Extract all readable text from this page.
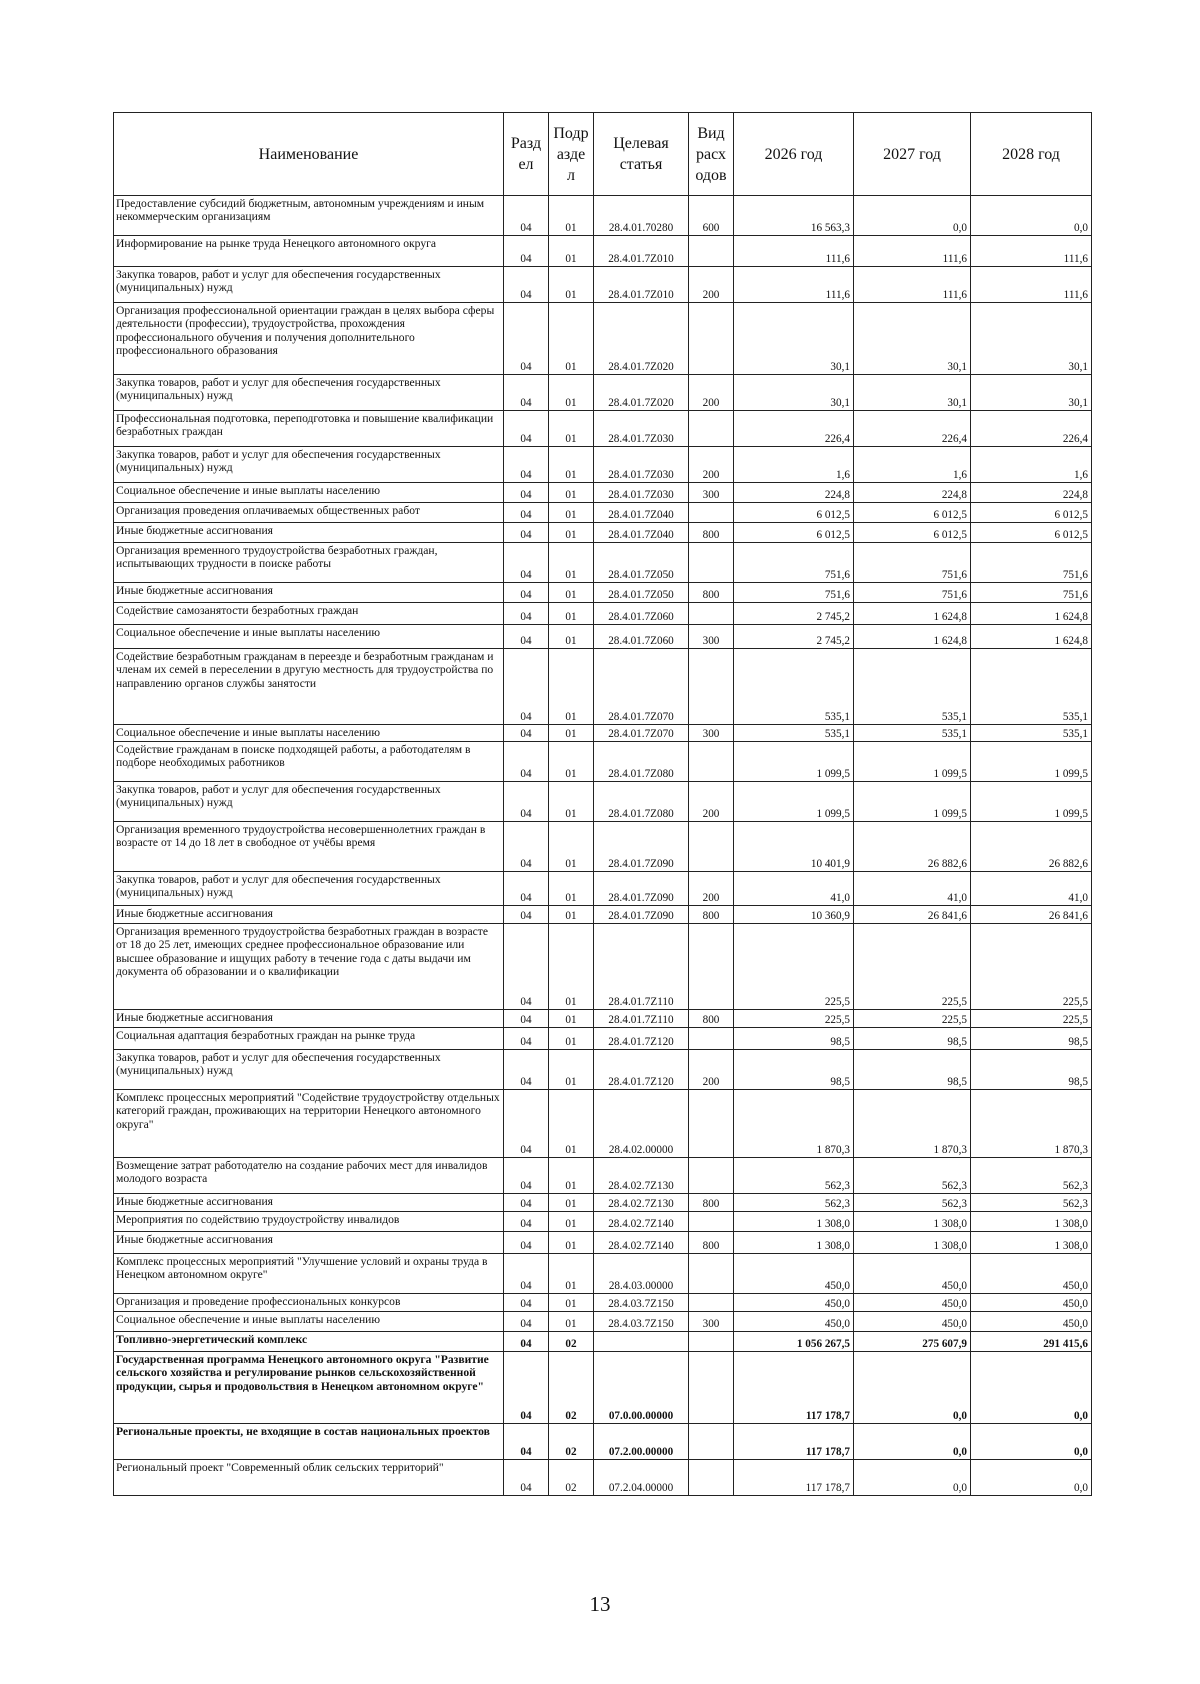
Наименование	Разд ел	Подр азде л	Целевая статья	Вид расх одов	2026 год	2027 год	2028 год
Предоставление субсидий бюджетным, автономным учреждениям и иным некоммерческим организациям	04	01	28.4.01.70280	600	16 563,3	0,0	0,0
Информирование на рынке труда Ненецкого автономного округа	04	01	28.4.01.7Z010		111,6	111,6	111,6
Закупка товаров, работ и услуг для обеспечения государственных (муниципальных) нужд	04	01	28.4.01.7Z010	200	111,6	111,6	111,6
Организация профессиональной ориентации граждан в целях выбора сферы деятельности (профессии), трудоустройства, прохождения профессионального обучения и получения дополнительного профессионального образования	04	01	28.4.01.7Z020		30,1	30,1	30,1
Закупка товаров, работ и услуг для обеспечения государственных (муниципальных) нужд	04	01	28.4.01.7Z020	200	30,1	30,1	30,1
Профессиональная подготовка, переподготовка и повышение квалификации безработных граждан	04	01	28.4.01.7Z030		226,4	226,4	226,4
Закупка товаров, работ и услуг для обеспечения государственных (муниципальных) нужд	04	01	28.4.01.7Z030	200	1,6	1,6	1,6
Социальное обеспечение и иные выплаты населению	04	01	28.4.01.7Z030	300	224,8	224,8	224,8
Организация проведения оплачиваемых общественных работ	04	01	28.4.01.7Z040		6 012,5	6 012,5	6 012,5
Иные бюджетные ассигнования	04	01	28.4.01.7Z040	800	6 012,5	6 012,5	6 012,5
Организация временного трудоустройства безработных граждан, испытывающих трудности в поиске работы	04	01	28.4.01.7Z050		751,6	751,6	751,6
Иные бюджетные ассигнования	04	01	28.4.01.7Z050	800	751,6	751,6	751,6
Содействие самозанятости безработных граждан	04	01	28.4.01.7Z060		2 745,2	1 624,8	1 624,8
Социальное обеспечение и иные выплаты населению	04	01	28.4.01.7Z060	300	2 745,2	1 624,8	1 624,8
Содействие безработным гражданам в переезде и безработным гражданам и членам их семей в переселении в другую местность для трудоустройства по направлению органов службы занятости	04	01	28.4.01.7Z070		535,1	535,1	535,1
Социальное обеспечение и иные выплаты населению	04	01	28.4.01.7Z070	300	535,1	535,1	535,1
Содействие гражданам в поиске подходящей работы, а работодателям в подборе необходимых работников	04	01	28.4.01.7Z080		1 099,5	1 099,5	1 099,5
Закупка товаров, работ и услуг для обеспечения государственных (муниципальных) нужд	04	01	28.4.01.7Z080	200	1 099,5	1 099,5	1 099,5
Организация временного трудоустройства несовершеннолетних граждан в возрасте от 14 до 18 лет в свободное от учёбы время	04	01	28.4.01.7Z090		10 401,9	26 882,6	26 882,6
Закупка товаров, работ и услуг для обеспечения государственных (муниципальных) нужд	04	01	28.4.01.7Z090	200	41,0	41,0	41,0
Иные бюджетные ассигнования	04	01	28.4.01.7Z090	800	10 360,9	26 841,6	26 841,6
Организация временного трудоустройства безработных граждан в возрасте от 18 до 25 лет, имеющих среднее профессиональное образование или высшее образование и ищущих работу в течение года с даты выдачи им документа об образовании и о квалификации	04	01	28.4.01.7Z110		225,5	225,5	225,5
Иные бюджетные ассигнования	04	01	28.4.01.7Z110	800	225,5	225,5	225,5
Социальная адаптация безработных граждан на рынке труда	04	01	28.4.01.7Z120		98,5	98,5	98,5
Закупка товаров, работ и услуг для обеспечения государственных (муниципальных) нужд	04	01	28.4.01.7Z120	200	98,5	98,5	98,5
Комплекс процессных мероприятий "Содействие трудоустройству отдельных категорий граждан, проживающих на территории Ненецкого автономного округа"	04	01	28.4.02.00000		1 870,3	1 870,3	1 870,3
Возмещение затрат работодателю на создание рабочих мест для инвалидов молодого возраста	04	01	28.4.02.7Z130		562,3	562,3	562,3
Иные бюджетные ассигнования	04	01	28.4.02.7Z130	800	562,3	562,3	562,3
Мероприятия по содействию трудоустройству инвалидов	04	01	28.4.02.7Z140		1 308,0	1 308,0	1 308,0
Иные бюджетные ассигнования	04	01	28.4.02.7Z140	800	1 308,0	1 308,0	1 308,0
Комплекс процессных мероприятий "Улучшение условий и охраны труда в Ненецком автономном округе"	04	01	28.4.03.00000		450,0	450,0	450,0
Организация и проведение профессиональных конкурсов	04	01	28.4.03.7Z150		450,0	450,0	450,0
Социальное обеспечение и иные выплаты населению	04	01	28.4.03.7Z150	300	450,0	450,0	450,0
Топливно-энергетический комплекс	04	02			1 056 267,5	275 607,9	291 415,6
Государственная программа Ненецкого автономного округа "Развитие сельского хозяйства и регулирование рынков сельскохозяйственной продукции, сырья и продовольствия в Ненецком автономном округе"	04	02	07.0.00.00000		117 178,7	0,0	0,0
Региональные проекты, не входящие в состав национальных проектов	04	02	07.2.00.00000		117 178,7	0,0	0,0
Региональный проект "Современный облик сельских территорий"	04	02	07.2.04.00000		117 178,7	0,0	0,0
13
